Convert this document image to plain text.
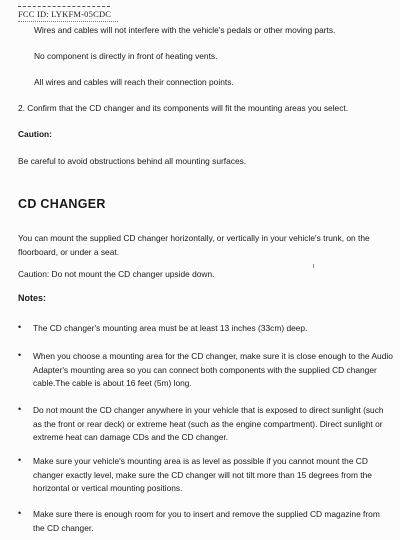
FCC ID: LYKFM-05CDC
Wires and cables will not interfere with the vehicle's pedals or other moving parts.
No component is directly in front of heating vents.
All wires and cables will reach their connection points.
2. Confirm that the CD changer and its components will fit the mounting areas you select.
Caution:
Be careful to avoid obstructions behind all mounting surfaces.
CD CHANGER
You can mount the supplied CD changer horizontally, or vertically in your vehicle's trunk, on the floorboard, or under a seat.
Caution: Do not mount the CD changer upside down.
Notes:
• The CD changer's mounting area must be at least 13 inches (33cm) deep.
• When you choose a mounting area for the CD changer, make sure it is close enough to the Audio Adapter's mounting area so you can connect both components with the supplied CD changer cable.The cable is about 16 feet (5m) long.
• Do not mount the CD changer anywhere in your vehicle that is exposed to direct sunlight (such as the front or rear deck) or extreme heat (such as the engine compartment). Direct sunlight or extreme heat can damage CDs and the CD changer.
• Make sure your vehicle's mounting area is as level as possible if you cannot mount the CD changer exactly level, make sure the CD changer will not tilt more than 15 degrees from the horizontal or vertical mounting positions.
• Make sure there is enough room for you to insert and remove the supplied CD magazine from the CD changer.
